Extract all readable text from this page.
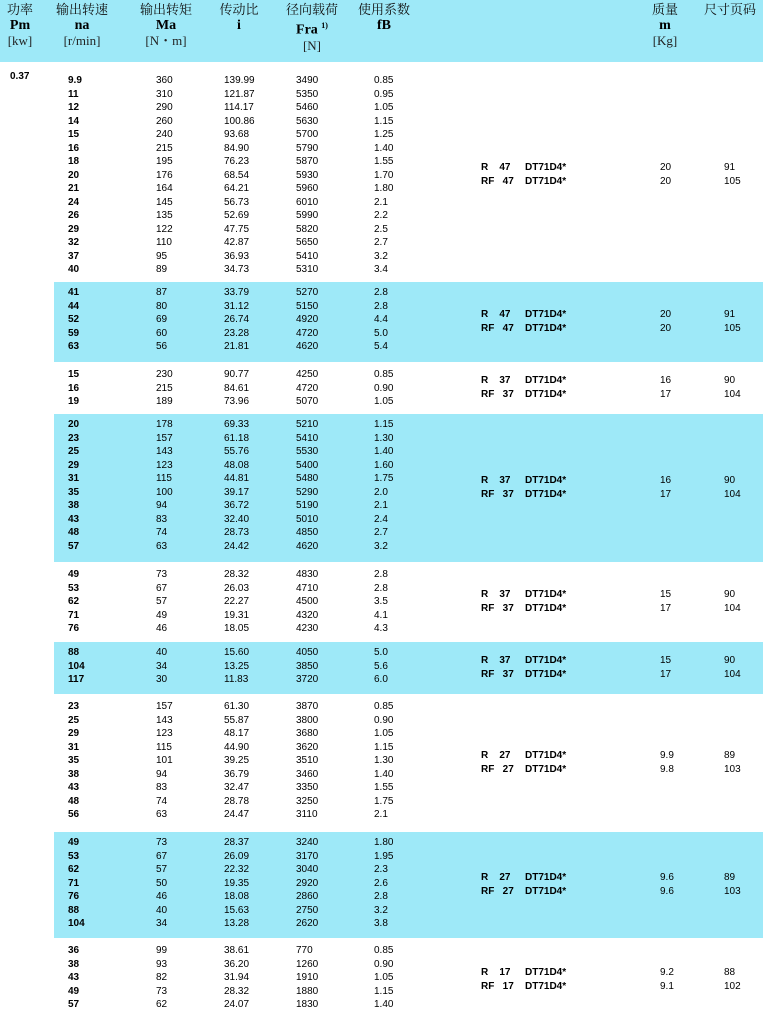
功率
Pm
[kw]
输出转速
na
[r/min]
输出转矩
Ma
[N・m]
传动比
i
径向载荷
Fra $^{1)}$
[N]
使用系数
fB
质量
m
[Kg]
尺寸页码
0.37	9.9
11
12
14
15
16
18
20
21
24
26
29
32
37
40
360
310
290
260
240
215
195
176
164
145
135
122
110
95
89
139.99
121.87
114.17
100.86
93.68
84.90
76.23
68.54
64.21
56.73
52.69
47.75
42.87
36.93
34.73
3490
5350
5460
5630
5700
5790
5870
5930
5960
6010
5990
5820
5650
5410
5310
0.85
0.95
1.05
1.15
1.25
1.40
1.55
1.70
1.80
2.1
2.2
2.5
2.7
3.2
3.4
R    47
RF   47
DT71D4*
DT71D4*
20
20
91
105
41
44
52
59
63
87
80
69
60
56
33.79
31.12
26.74
23.28
21.81
5270
5150
4920
4720
4620
2.8
2.8
4.4
5.0
5.4
R    47
RF   47
DT71D4*
DT71D4*
20
20
91
105
15
16
19
230
215
189
90.77
84.61
73.96
4250
4720
5070
0.85
0.90
1.05
R    37
RF   37
DT71D4*
DT71D4*
16
17
90
104
20
23
25
29
31
35
38
43
48
57
178
157
143
123
115
100
94
83
74
63
69.33
61.18
55.76
48.08
44.81
39.17
36.72
32.40
28.73
24.42
5210
5410
5530
5400
5480
5290
5190
5010
4850
4620
1.15
1.30
1.40
1.60
1.75
2.0
2.1
2.4
2.7
3.2
R    37
RF   37
DT71D4*
DT71D4*
16
17
90
104
49
53
62
71
76
73
67
57
49
46
28.32
26.03
22.27
19.31
18.05
4830
4710
4500
4320
4230
2.8
2.8
3.5
4.1
4.3
R    37
RF   37
DT71D4*
DT71D4*
15
17
90
104
88
104
117
40
34
30
15.60
13.25
11.83
4050
3850
3720
5.0
5.6
6.0
R    37
RF   37
DT71D4*
DT71D4*
15
17
90
104
23
25
29
31
35
38
43
48
56
157
143
123
115
101
94
83
74
63
61.30
55.87
48.17
44.90
39.25
36.79
32.47
28.78
24.47
3870
3800
3680
3620
3510
3460
3350
3250
3110
0.85
0.90
1.05
1.15
1.30
1.40
1.55
1.75
2.1
R    27
RF   27
DT71D4*
DT71D4*
9.9
9.8
89
103
49
53
62
71
76
88
104
73
67
57
50
46
40
34
28.37
26.09
22.32
19.35
18.08
15.63
13.28
3240
3170
3040
2920
2860
2750
2620
1.80
1.95
2.3
2.6
2.8
3.2
3.8
R    27
RF   27
DT71D4*
DT71D4*
9.6
9.6
89
103
36
38
43
49
57
99
93
82
73
62
38.61
36.20
31.94
28.32
24.07
770
1260
1910
1880
1830
0.85
0.90
1.05
1.15
1.40
R    17
RF   17
DT71D4*
DT71D4*
9.2
9.1
88
102
